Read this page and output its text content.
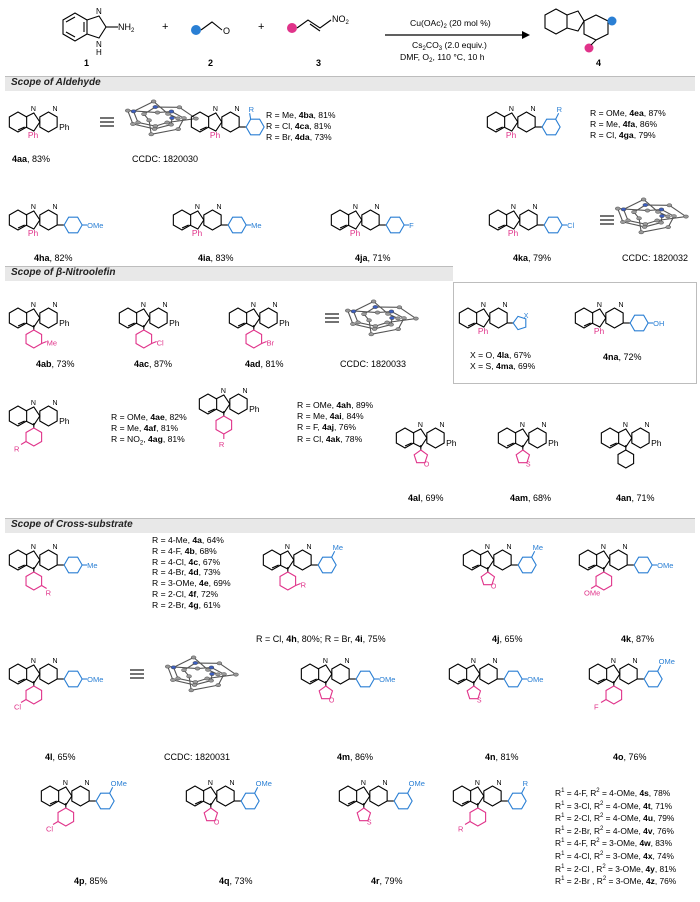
N
$NH_2$
N
H
1
+	O
2
+
$NO_2$
3
$Cu(OAc)_2$ (20 mol %)
$Cs_2CO_3$ (2.0 equiv.)
DMF, $O_2$, 110 °C, 10 h
4
Scope of Aldehyde
N N
Ph
Ph
N N R
Ph
N N	R
Ph
N N
OMe
Ph
N N
Me
Ph
N N
F
Ph
N N
Cl
Ph
N N
Ph
Me
N N
Ph
Cl
N N
Ph
Br
N N
X
Ph
N N
OH
Ph
N N
Ph
R
N N
Ph
R
N N
Ph
O
N N
Ph
S
N N
Ph
4aa, 83%	CCDC: 1820030
R = Me, 4ba, 81%
R = Cl, 4ca, 81%
R = Br, 4da, 73%
R = OMe, 4ea, 87%
R = Me, 4fa, 86%
R = Cl, 4ga, 79%
4ha, 82%	4ia, 83%	4ja, 71%	4ka, 79%	CCDC: 1820032
Scope of β-Nitroolefin
4ab, 73%	4ac, 87%	4ad, 81%	CCDC: 1820033
X = O, 4la, 67%
X = S, 4ma, 69%
4na, 72%
R = OMe, 4ae, 82%
R = Me, 4af, 81%
$R = NO_2$, 4ag, 81%
R = OMe, 4ah, 89%
R = Me, 4ai, 84%
R = F, 4aj, 76%
R = Cl, 4ak, 78%
4al, 69%	4am, 68%	4an, 71%
Scope of Cross-substrate
N N
Me
R
N N	Me
R
N N	Me
O
N N
OMe
OMe
N N
OMe
Cl
N N
OMe
O
N N
OMe
S
N N	OMe
F
N N	OMe
Cl
N N	OMe
O
N N	OMe
S
N N	R
R
R = 4-Me, 4a, 64%
R = 4-F, 4b, 68%
R = 4-Cl, 4c, 67%
R = 4-Br, 4d, 73%
R = 3-OMe, 4e, 69%
R = 2-Cl, 4f, 72%
R = 2-Br, 4g, 61%
R = Cl, 4h, 80%; R = Br, 4i, 75%	4j, 65%	4k, 87%
4l, 65%	CCDC: 1820031	4m, 86%	4n, 81%	4o, 76%
4p, 85%	4q, 73%	4r, 79%
$R^1 = 4-F$, $R^2 = 4-OMe$, 4s, 78%
$R^1 = 3-Cl$, $R^2 = 4-OMe$, 4t, 71%
$R^1 = 2-Cl$, $R^2 = 4-OMe$, 4u, 79%
$R^1 = 2-Br$, $R^2 = 4-OMe$, 4v, 76%
$R^1 = 4-F$, $R^2 = 3-OMe$, 4w, 83%
$R^1 = 4-Cl$, $R^2 = 3-OMe$, 4x, 74%
$R^1 = 2-Cl$ , $R^2 = 3-OMe$, 4y, 81%
$R^1 = 2-Br$ , $R^2 = 3-OMe$, 4z, 76%
